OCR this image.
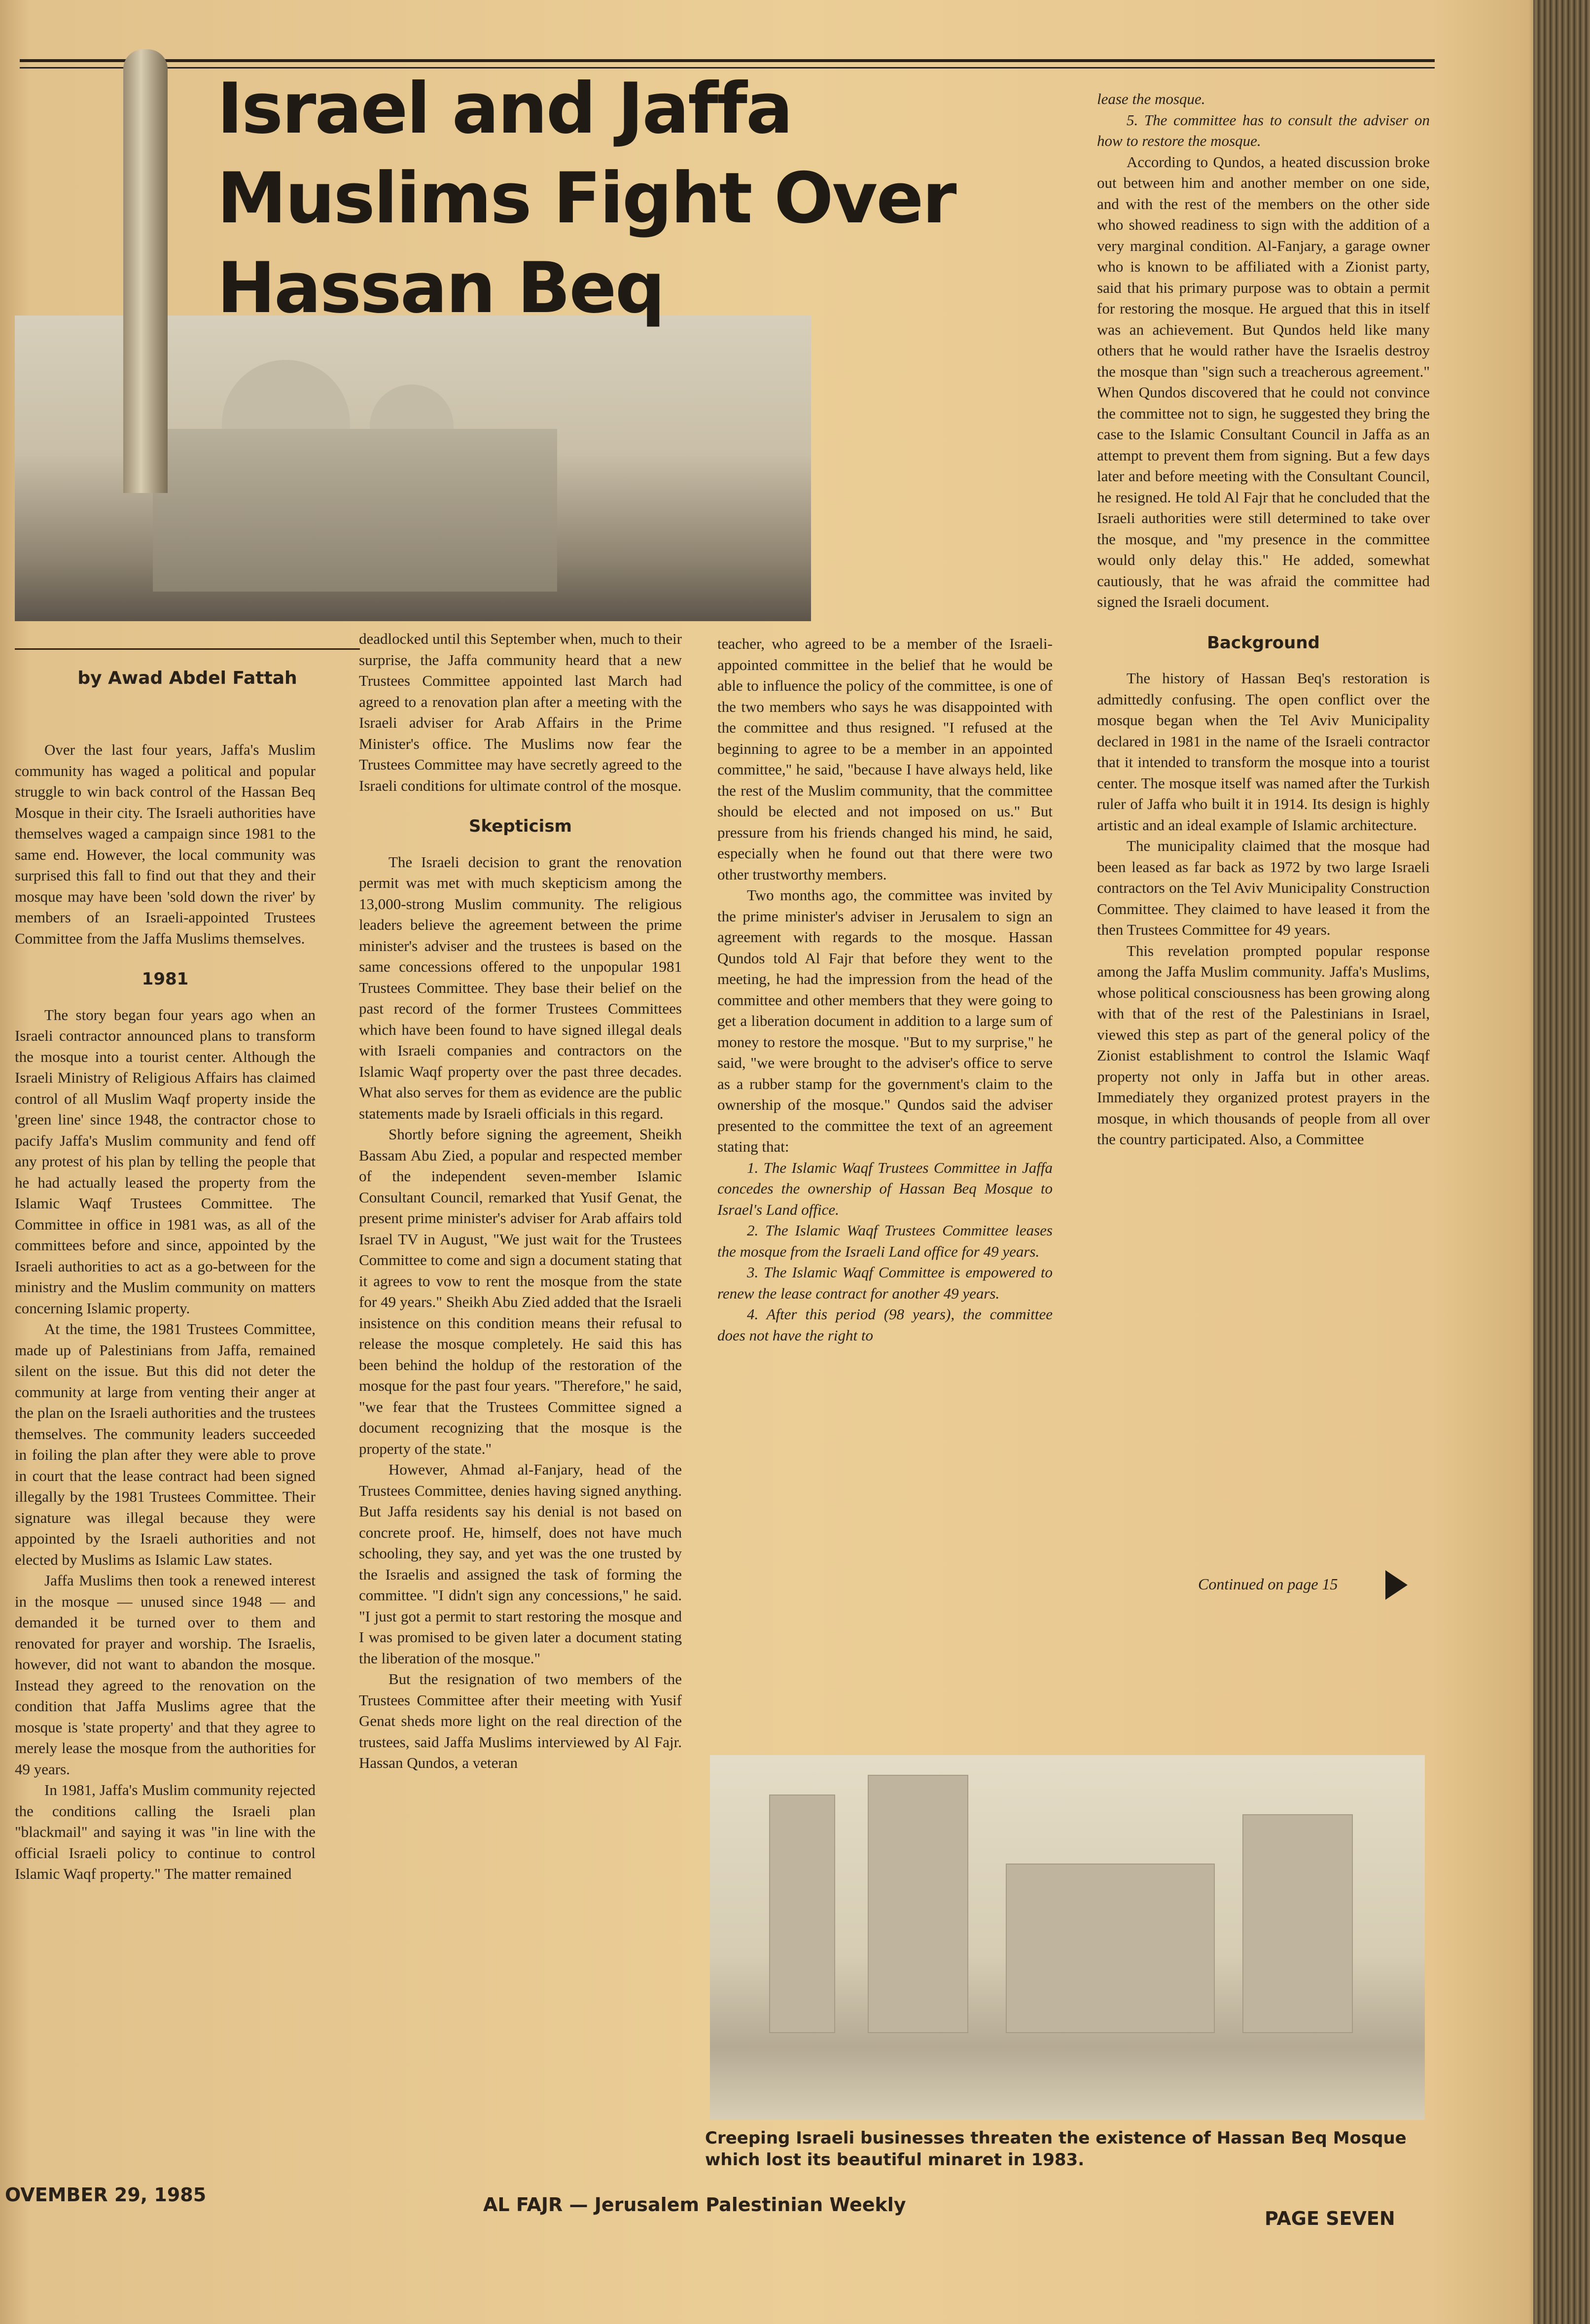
Israel and Jaffa
Muslims Fight Over
Hassan Beq
by Awad Abdel Fattah

Over the last four years, Jaffa's Muslim community has waged a political and popular struggle to win back control of the Hassan Beq Mosque in their city. The Israeli authorities have themselves waged a campaign since 1981 to the same end. However, the local community was surprised this fall to find out that they and their mosque may have been 'sold down the river' by members of an Israeli-appointed Trustees Committee from the Jaffa Muslims themselves.

1981

The story began four years ago when an Israeli contractor announced plans to transform the mosque into a tourist center. Although the Israeli Ministry of Religious Affairs has claimed control of all Muslim Waqf property inside the 'green line' since 1948, the contractor chose to pacify Jaffa's Muslim community and fend off any protest of his plan by telling the people that he had actually leased the property from the Islamic Waqf Trustees Committee. The Committee in office in 1981 was, as all of the committees before and since, appointed by the Israeli authorities to act as a go-between for the ministry and the Muslim community on matters concerning Islamic property.

At the time, the 1981 Trustees Committee, made up of Palestinians from Jaffa, remained silent on the issue. But this did not deter the community at large from venting their anger at the plan on the Israeli authorities and the trustees themselves. The community leaders succeeded in foiling the plan after they were able to prove in court that the lease contract had been signed illegally by the 1981 Trustees Committee. Their signature was illegal because they were appointed by the Israeli authorities and not elected by Muslims as Islamic Law states.

Jaffa Muslims then took a renewed interest in the mosque — unused since 1948 — and demanded it be turned over to them and renovated for prayer and worship. The Israelis, however, did not want to abandon the mosque. Instead they agreed to the renovation on the condition that Jaffa Muslims agree that the mosque is 'state property' and that they agree to merely lease the mosque from the authorities for 49 years.

In 1981, Jaffa's Muslim community rejected the conditions calling the Israeli plan "blackmail" and saying it was "in line with the official Israeli policy to continue to control Islamic Waqf property." The matter remained

deadlocked until this September when, much to their surprise, the Jaffa community heard that a new Trustees Committee appointed last March had agreed to a renovation plan after a meeting with the Israeli adviser for Arab Affairs in the Prime Minister's office. The Muslims now fear the Trustees Committee may have secretly agreed to the Israeli conditions for ultimate control of the mosque.

Skepticism

The Israeli decision to grant the renovation permit was met with much skepticism among the 13,000-strong Muslim community. The religious leaders believe the agreement between the prime minister's adviser and the trustees is based on the same concessions offered to the unpopular 1981 Trustees Committee. They base their belief on the past record of the former Trustees Committees which have been found to have signed illegal deals with Israeli companies and contractors on the Islamic Waqf property over the past three decades. What also serves for them as evidence are the public statements made by Israeli officials in this regard.

Shortly before signing the agreement, Sheikh Bassam Abu Zied, a popular and respected member of the independent seven-member Islamic Consultant Council, remarked that Yusif Genat, the present prime minister's adviser for Arab affairs told Israel TV in August, "We just wait for the Trustees Committee to come and sign a document stating that it agrees to vow to rent the mosque from the state for 49 years." Sheikh Abu Zied added that the Israeli insistence on this condition means their refusal to release the mosque completely. He said this has been behind the holdup of the restoration of the mosque for the past four years. "Therefore," he said, "we fear that the Trustees Committee signed a document recognizing that the mosque is the property of the state."

However, Ahmad al-Fanjary, head of the Trustees Committee, denies having signed anything. But Jaffa residents say his denial is not based on concrete proof. He, himself, does not have much schooling, they say, and yet was the one trusted by the Israelis and assigned the task of forming the committee. "I didn't sign any concessions," he said. "I just got a permit to start restoring the mosque and I was promised to be given later a document stating the liberation of the mosque."

But the resignation of two members of the Trustees Committee after their meeting with Yusif Genat sheds more light on the real direction of the trustees, said Jaffa Muslims interviewed by Al Fajr. Hassan Qundos, a veteran

teacher, who agreed to be a member of the Israeli-appointed committee in the belief that he would be able to influence the policy of the committee, is one of the two members who says he was disappointed with the committee and thus resigned. "I refused at the beginning to agree to be a member in an appointed committee," he said, "because I have always held, like the rest of the Muslim community, that the committee should be elected and not imposed on us." But pressure from his friends changed his mind, he said, especially when he found out that there were two other trustworthy members.

Two months ago, the committee was invited by the prime minister's adviser in Jerusalem to sign an agreement with regards to the mosque. Hassan Qundos told Al Fajr that before they went to the meeting, he had the impression from the head of the committee and other members that they were going to get a liberation document in addition to a large sum of money to restore the mosque. "But to my surprise," he said, "we were brought to the adviser's office to serve as a rubber stamp for the government's claim to the ownership of the mosque." Qundos said the adviser presented to the committee the text of an agreement stating that:

1. The Islamic Waqf Trustees Committee in Jaffa concedes the ownership of Hassan Beq Mosque to Israel's Land office.

2. The Islamic Waqf Trustees Committee leases the mosque from the Israeli Land office for 49 years.

3. The Islamic Waqf Committee is empowered to renew the lease contract for another 49 years.

4. After this period (98 years), the committee does not have the right to

lease the mosque.

5. The committee has to consult the adviser on how to restore the mosque.

According to Qundos, a heated discussion broke out between him and another member on one side, and with the rest of the members on the other side who showed readiness to sign with the addition of a very marginal condition. Al-Fanjary, a garage owner who is known to be affiliated with a Zionist party, said that his primary purpose was to obtain a permit for restoring the mosque. He argued that this in itself was an achievement. But Qundos held like many others that he would rather have the Israelis destroy the mosque than "sign such a treacherous agreement." When Qundos discovered that he could not convince the committee not to sign, he suggested they bring the case to the Islamic Consultant Council in Jaffa as an attempt to prevent them from signing. But a few days later and before meeting with the Consultant Council, he resigned. He told Al Fajr that he concluded that the Israeli authorities were still determined to take over the mosque, and "my presence in the committee would only delay this." He added, somewhat cautiously, that he was afraid the committee had signed the Israeli document.

Background

The history of Hassan Beq's restoration is admittedly confusing. The open conflict over the mosque began when the Tel Aviv Municipality declared in 1981 in the name of the Israeli contractor that it intended to transform the mosque into a tourist center. The mosque itself was named after the Turkish ruler of Jaffa who built it in 1914. Its design is highly artistic and an ideal example of Islamic architecture.

The municipality claimed that the mosque had been leased as far back as 1972 by two large Israeli contractors on the Tel Aviv Municipality Construction Committee. They claimed to have leased it from the then Trustees Committee for 49 years.

This revelation prompted popular response among the Jaffa Muslim community. Jaffa's Muslims, whose political consciousness has been growing along with that of the rest of the Palestinians in Israel, viewed this step as part of the general policy of the Zionist establishment to control the Islamic Waqf property not only in Jaffa but in other areas. Immediately they organized protest prayers in the mosque, in which thousands of people from all over the country participated. Also, a Committee

Continued on page 15
Creeping Israeli businesses threaten the existence of Hassan Beq Mosque which lost its beautiful minaret in 1983.
OVEMBER 29, 1985	AL FAJR — Jerusalem Palestinian Weekly
PAGE SEVEN
